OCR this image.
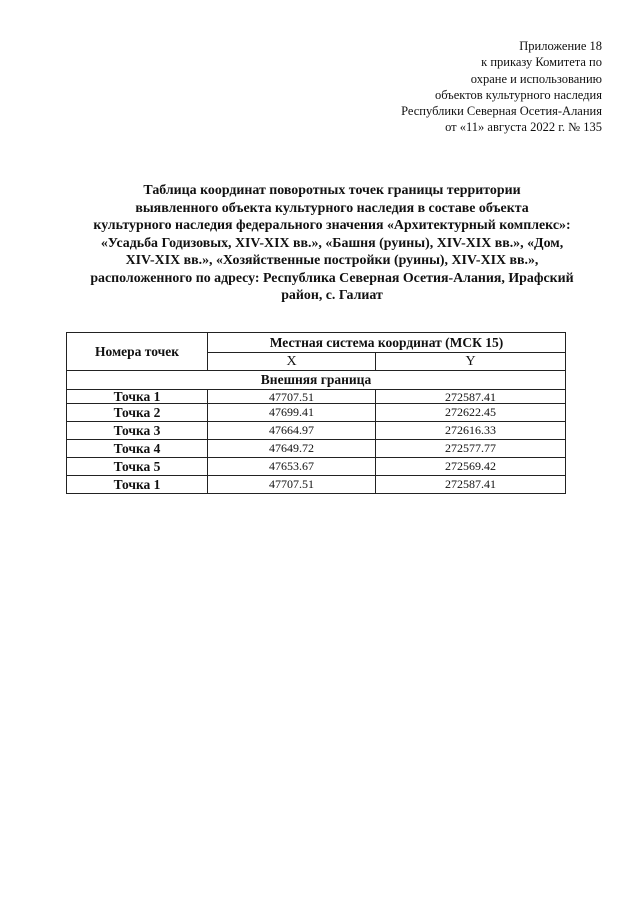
Приложение 18
к приказу Комитета по
охране и использованию
объектов культурного наследия
Республики Северная Осетия-Алания
от «11» августа 2022 г. № 135
Таблица координат поворотных точек границы территории
выявленного объекта культурного наследия в составе объекта
культурного наследия федерального значения «Архитектурный комплекс»:
«Усадьба Годизовых, XIV-XIX вв.», «Башня (руины), XIV-XIX вв.», «Дом,
XIV-XIX вв.», «Хозяйственные постройки (руины), XIV-XIX вв.»,
расположенного по адресу: Республика Северная Осетия-Алания, Ирафский
район, с. Галиат
Номера точек	Местная система координат (МСК 15)	
	X	Y
Внешняя граница		
Точка 1	47707.51	272587.41
Точка 2	47699.41	272622.45
Точка 3	47664.97	272616.33
Точка 4	47649.72	272577.77
Точка 5	47653.67	272569.42
Точка 1	47707.51	272587.41
